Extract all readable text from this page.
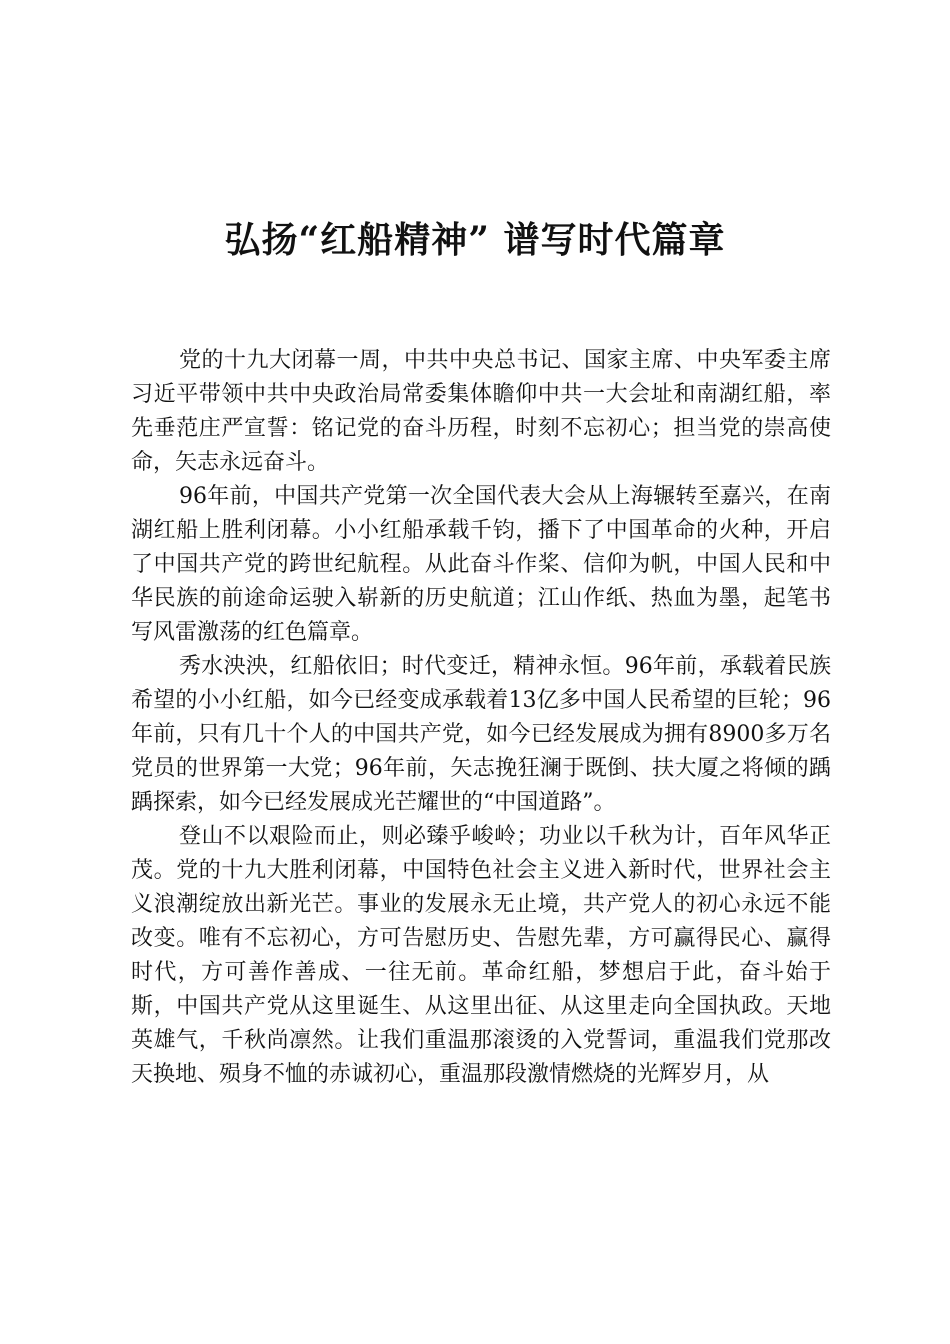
弘扬“红船精神” 谱写时代篇章

党的十九大闭幕一周，中共中央总书记、国家主席、中央军委主席习近平带领中共中央政治局常委集体瞻仰中共一大会址和南湖红船，率先垂范庄严宣誓：铭记党的奋斗历程，时刻不忘初心；担当党的崇高使命，矢志永远奋斗。

96年前，中国共产党第一次全国代表大会从上海辗转至嘉兴，在南湖红船上胜利闭幕。小小红船承载千钧，播下了中国革命的火种，开启了中国共产党的跨世纪航程。从此奋斗作桨、信仰为帆，中国人民和中华民族的前途命运驶入崭新的历史航道；江山作纸、热血为墨，起笔书写风雷激荡的红色篇章。

秀水泱泱，红船依旧；时代变迁，精神永恒。96年前，承载着民族希望的小小红船，如今已经变成承载着13亿多中国人民希望的巨轮；96年前，只有几十个人的中国共产党，如今已经发展成为拥有8900多万名党员的世界第一大党；96年前，矢志挽狂澜于既倒、扶大厦之将倾的踽踽探索，如今已经发展成光芒耀世的“中国道路”。

登山不以艰险而止，则必臻乎峻岭；功业以千秋为计，百年风华正茂。党的十九大胜利闭幕，中国特色社会主义进入新时代，世界社会主义浪潮绽放出新光芒。事业的发展永无止境，共产党人的初心永远不能改变。唯有不忘初心，方可告慰历史、告慰先辈，方可赢得民心、赢得时代，方可善作善成、一往无前。革命红船，梦想启于此，奋斗始于斯，中国共产党从这里诞生、从这里出征、从这里走向全国执政。天地英雄气，千秋尚凛然。让我们重温那滚烫的入党誓词，重温我们党那改天换地、殒身不恤的赤诚初心，重温那段激情燃烧的光辉岁月，从
